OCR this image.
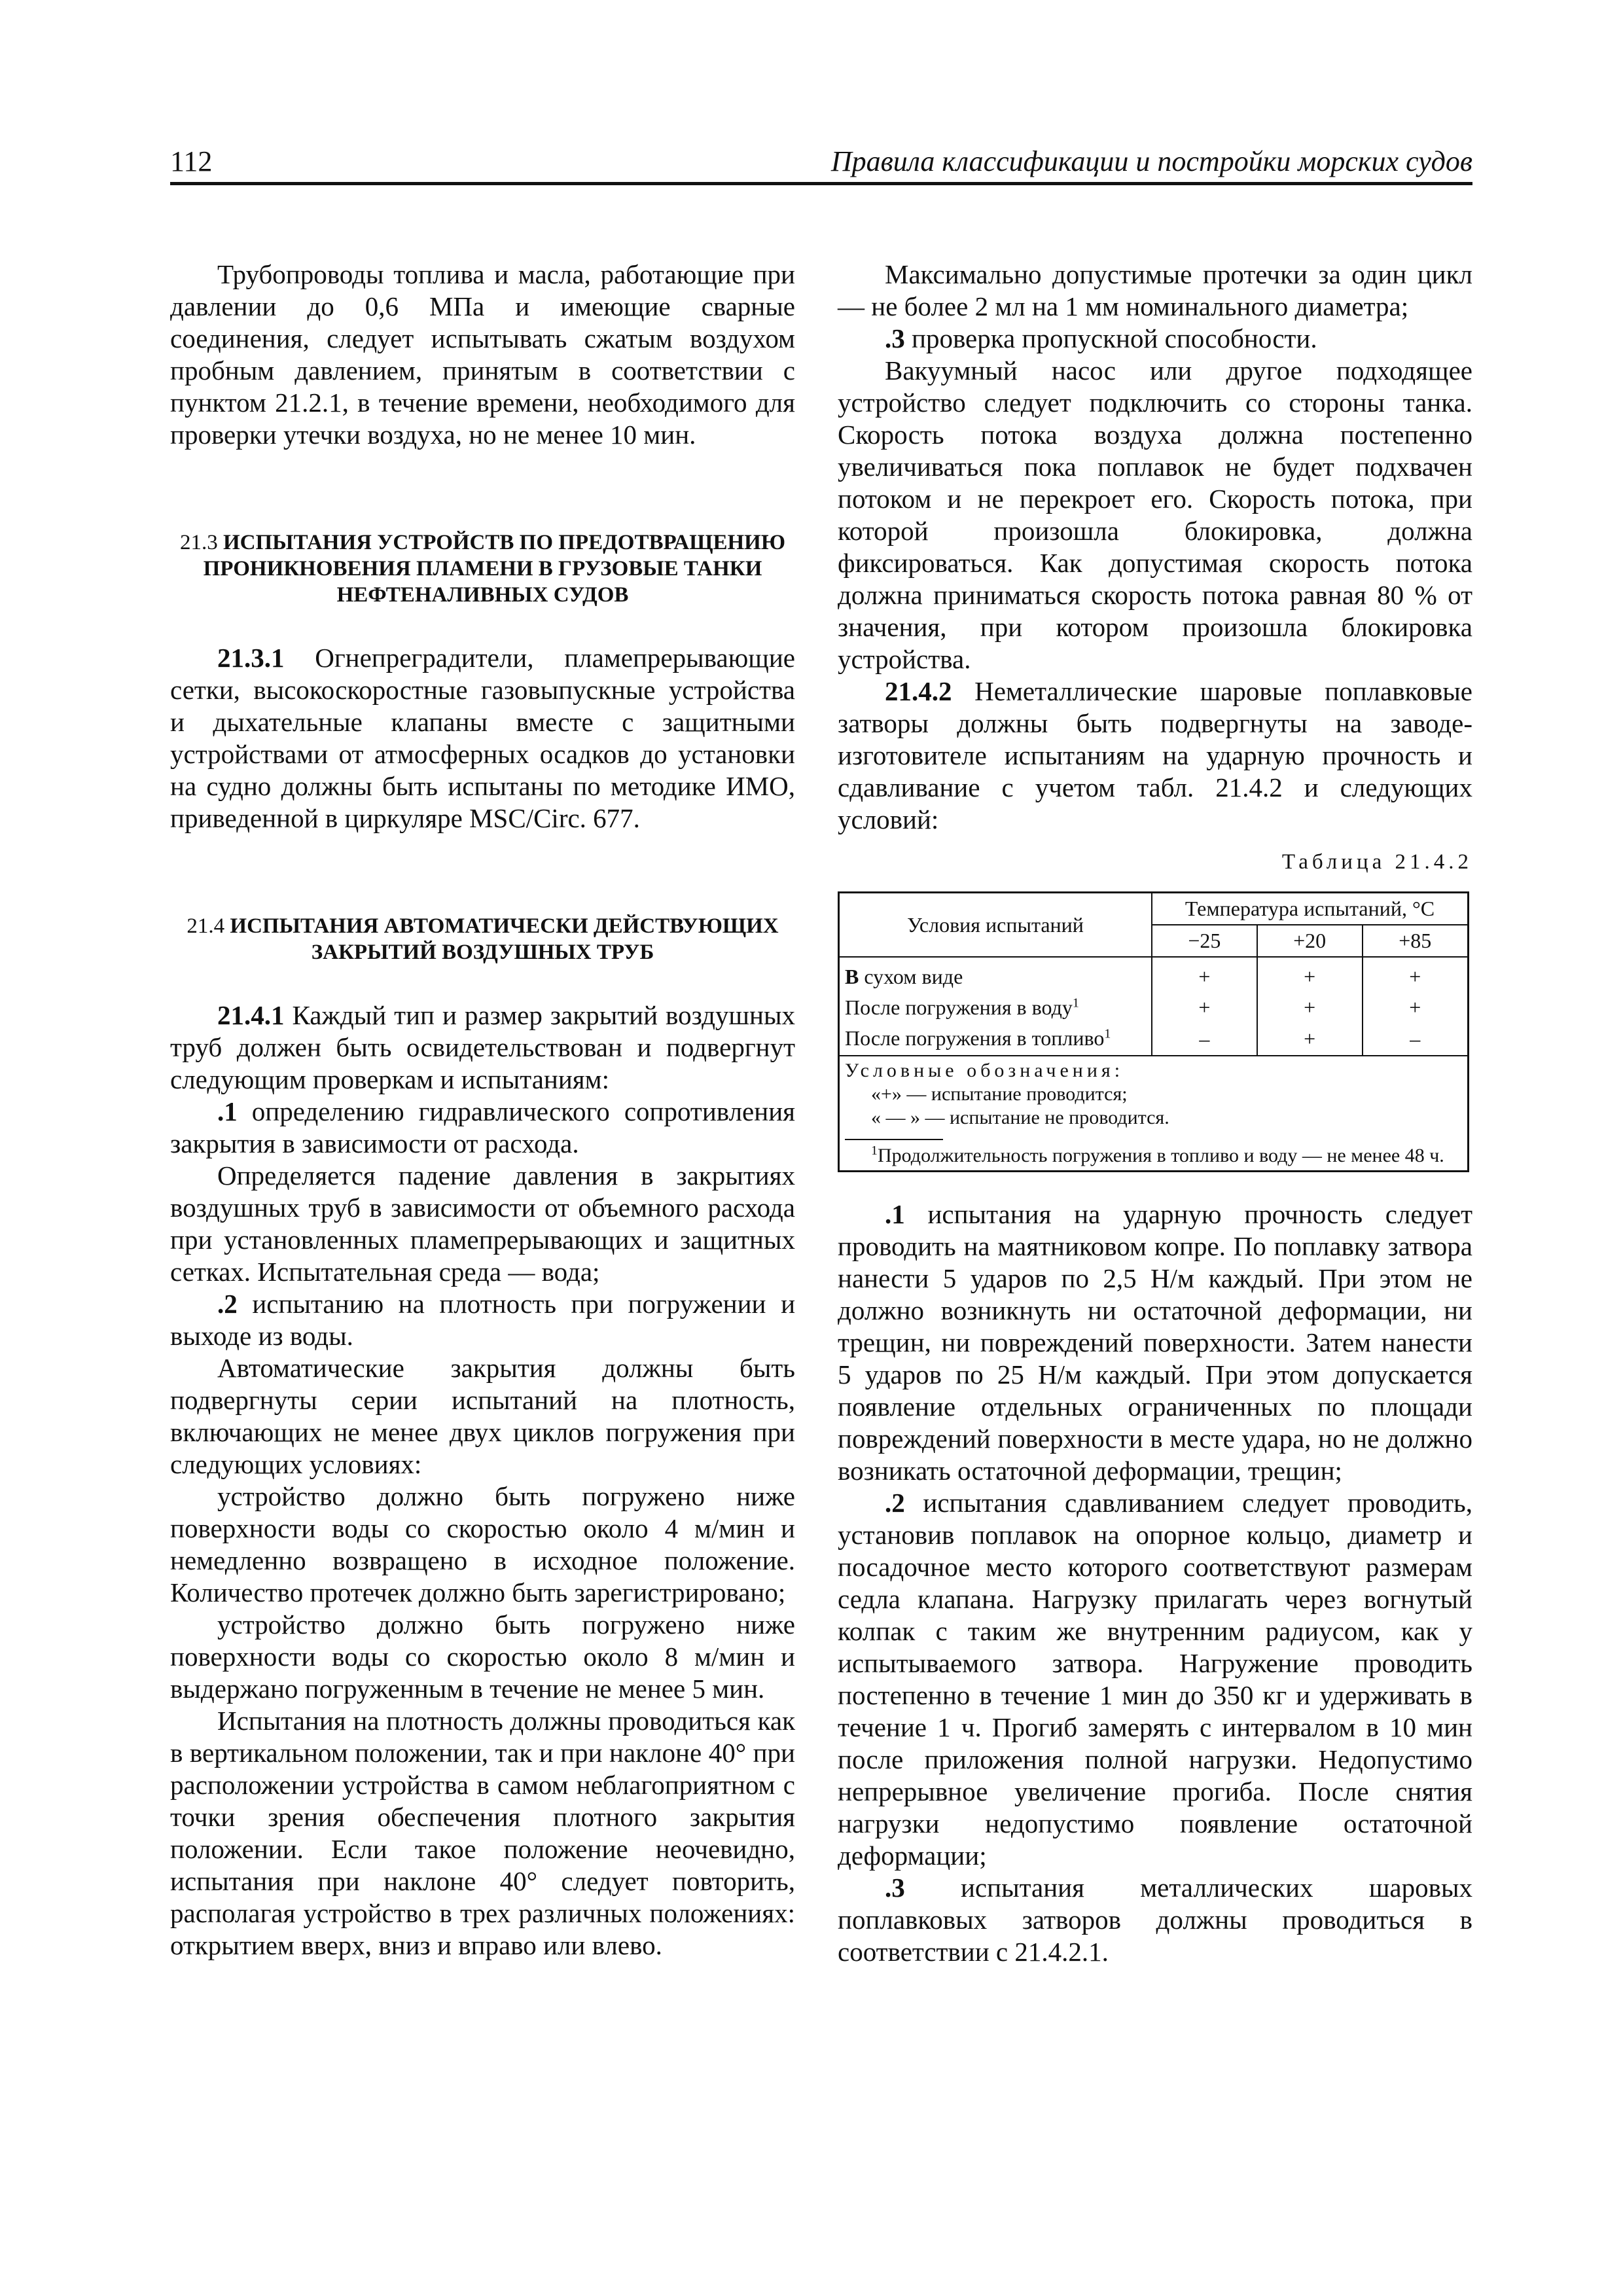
112	Правила классификации и постройки морских судов

Трубопроводы топлива и масла, работающие при давлении до 0,6 МПа и имеющие сварные соединения, следует испытывать сжатым воздухом пробным давлением, принятым в соответствии с пунктом 21.2.1, в течение времени, необходимого для проверки утечки воздуха, но не менее 10 мин.

21.3 ИСПЫТАНИЯ УСТРОЙСТВ ПО ПРЕДОТВРАЩЕНИЮ ПРОНИКНОВЕНИЯ ПЛАМЕНИ В ГРУЗОВЫЕ ТАНКИ НЕФТЕНАЛИВНЫХ СУДОВ

21.3.1 Огнепреградители, пламепрерывающие сетки, высокоскоростные газовыпускные устройства и дыхательные клапаны вместе с защитными устройствами от атмосферных осадков до установки на судно должны быть испытаны по методике ИМО, приведенной в циркуляре MSC/Circ. 677.

21.4 ИСПЫТАНИЯ АВТОМАТИЧЕСКИ ДЕЙСТВУЮЩИХ ЗАКРЫТИЙ ВОЗДУШНЫХ ТРУБ

21.4.1 Каждый тип и размер закрытий воздушных труб должен быть освидетельствован и подвергнут следующим проверкам и испытаниям:

.1 определению гидравлического сопротивления закрытия в зависимости от расхода.

Определяется падение давления в закрытиях воздушных труб в зависимости от объемного расхода при установленных пламепрерывающих и защитных сетках. Испытательная среда — вода;

.2 испытанию на плотность при погружении и выходе из воды.

Автоматические закрытия должны быть подвергнуты серии испытаний на плотность, включающих не менее двух циклов погружения при следующих условиях:

устройство должно быть погружено ниже поверхности воды со скоростью около 4 м/мин и немедленно возвращено в исходное положение. Количество протечек должно быть зарегистрировано;

устройство должно быть погружено ниже поверхности воды со скоростью около 8 м/мин и выдержано погруженным в течение не менее 5 мин.

Испытания на плотность должны проводиться как в вертикальном положении, так и при наклоне 40° при расположении устройства в самом неблагоприятном с точки зрения обеспечения плотного закрытия положении. Если такое положение неочевидно, испытания при наклоне 40° следует повторить, располагая устройство в трех различных положениях: открытием вверх, вниз и вправо или влево.

Максимально допустимые протечки за один цикл — не более 2 мл на 1 мм номинального диаметра;

.3 проверка пропускной способности.

Вакуумный насос или другое подходящее устройство следует подключить со стороны танка. Скорость потока воздуха должна постепенно увеличиваться пока поплавок не будет подхвачен потоком и не перекроет его. Скорость потока, при которой произошла блокировка, должна фиксироваться. Как допустимая скорость потока должна приниматься скорость потока равная 80 % от значения, при котором произошла блокировка устройства.

21.4.2 Неметаллические шаровые поплавковые затворы должны быть подвергнуты на заводе-изготовителе испытаниям на ударную прочность и сдавливание с учетом табл. 21.4.2 и следующих условий:

Таблица 21.4.2
Условия испытаний	Температура испытаний, °С		
	−25	+20	+85
В сухом виде	+	+	+
После погружения в воду$^1$	+	+	+
После погружения в топливо$^1$	–	+	–

Условные обозначения:
«+» — испытание проводится;
« — » — испытание не проводится.
$^1$Продолжительность погружения в топливо и воду — не менее 48 ч.			

.1 испытания на ударную прочность следует проводить на маятниковом копре. По поплавку затвора нанести 5 ударов по 2,5 Н/м каждый. При этом не должно возникнуть ни остаточной деформации, ни трещин, ни повреждений поверхности. Затем нанести 5 ударов по 25 Н/м каждый. При этом допускается появление отдельных ограниченных по площади повреждений поверхности в месте удара, но не должно возникать остаточной деформации, трещин;

.2 испытания сдавливанием следует проводить, установив поплавок на опорное кольцо, диаметр и посадочное место которого соответствуют размерам седла клапана. Нагрузку прилагать через вогнутый колпак с таким же внутренним радиусом, как у испытываемого затвора. Нагружение проводить постепенно в течение 1 мин до 350 кг и удерживать в течение 1 ч. Прогиб замерять с интервалом в 10 мин после приложения полной нагрузки. Недопустимо непрерывное увеличение прогиба. После снятия нагрузки недопустимо появление остаточной деформации;

.3 испытания металлических шаровых поплавковых затворов должны проводиться в соответствии с 21.4.2.1.
